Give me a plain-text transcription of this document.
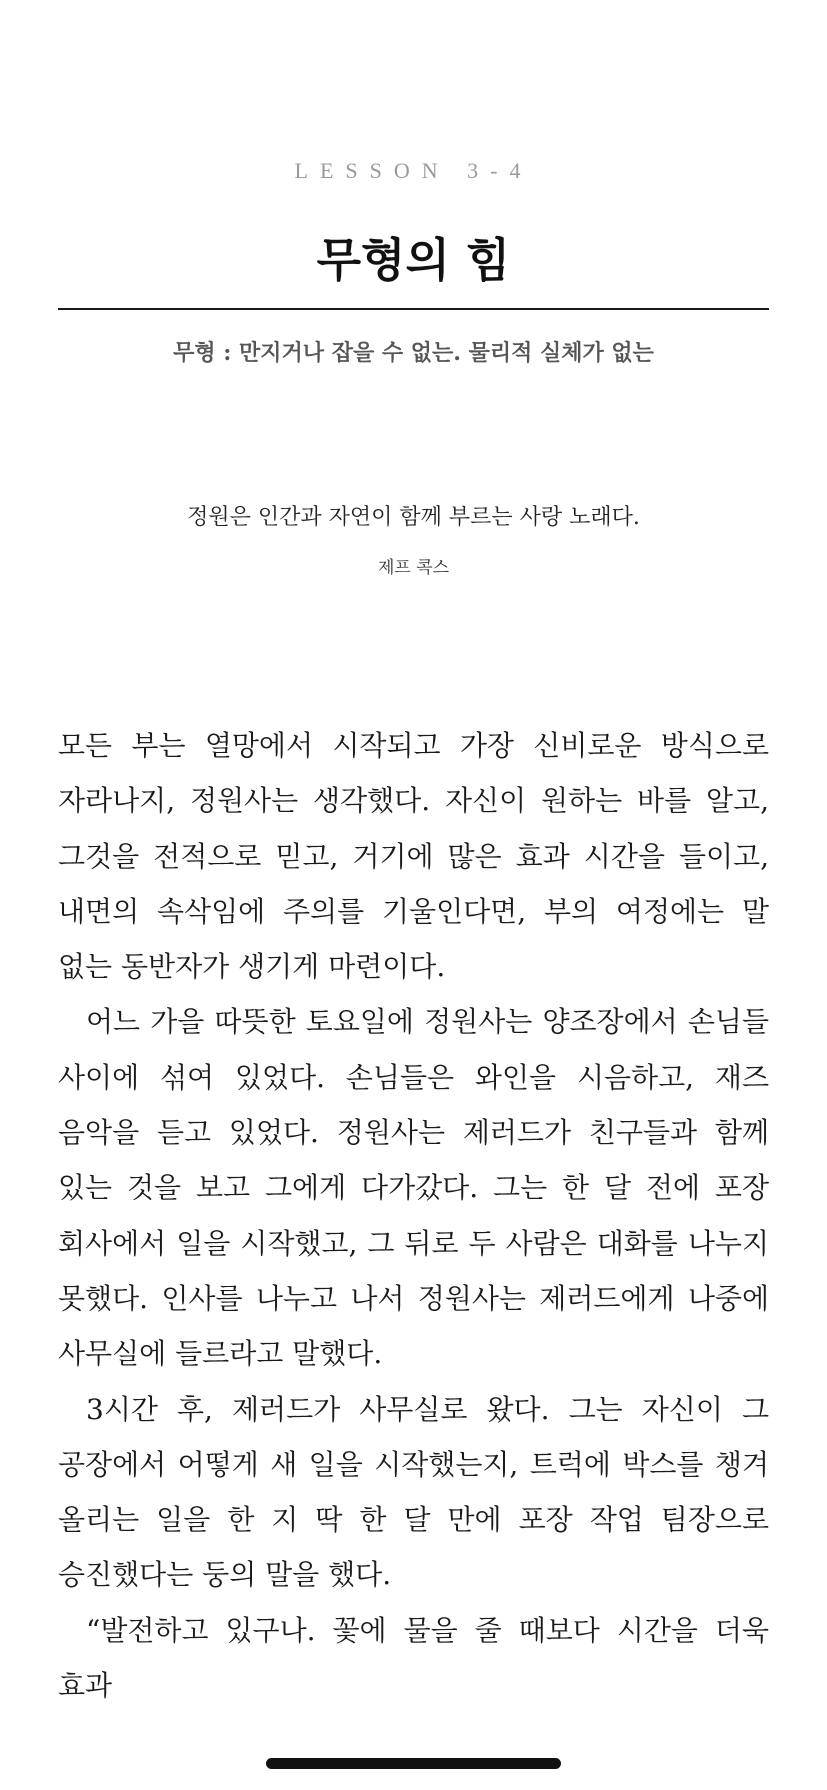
LESSON 3-4
무형의 힘
무형 : 만지거나 잡을 수 없는. 물리적 실체가 없는
정원은 인간과 자연이 함께 부르는 사랑 노래다.
제프 콕스

모든 부는 열망에서 시작되고 가장 신비로운 방식으로 자라나지, 정원사는 생각했다. 자신이 원하는 바를 알고, 그것을 전적으로 믿고, 거기에 많은 효과 시간을 들이고, 내면의 속삭임에 주의를 기울인다면, 부의 여정에는 말 없는 동반자가 생기게 마련이다.

어느 가을 따뜻한 토요일에 정원사는 양조장에서 손님들 사이에 섞여 있었다. 손님들은 와인을 시음하고, 재즈 음악을 듣고 있었다. 정원사는 제러드가 친구들과 함께 있는 것을 보고 그에게 다가갔다. 그는 한 달 전에 포장 회사에서 일을 시작했고, 그 뒤로 두 사람은 대화를 나누지 못했다. 인사를 나누고 나서 정원사는 제러드에게 나중에 사무실에 들르라고 말했다.

3시간 후, 제러드가 사무실로 왔다. 그는 자신이 그 공장에서 어떻게 새 일을 시작했는지, 트럭에 박스를 챙겨 올리는 일을 한 지 딱 한 달 만에 포장 작업 팀장으로 승진했다는 둥의 말을 했다.

“발전하고 있구나. 꽃에 물을 줄 때보다 시간을 더욱 효과
